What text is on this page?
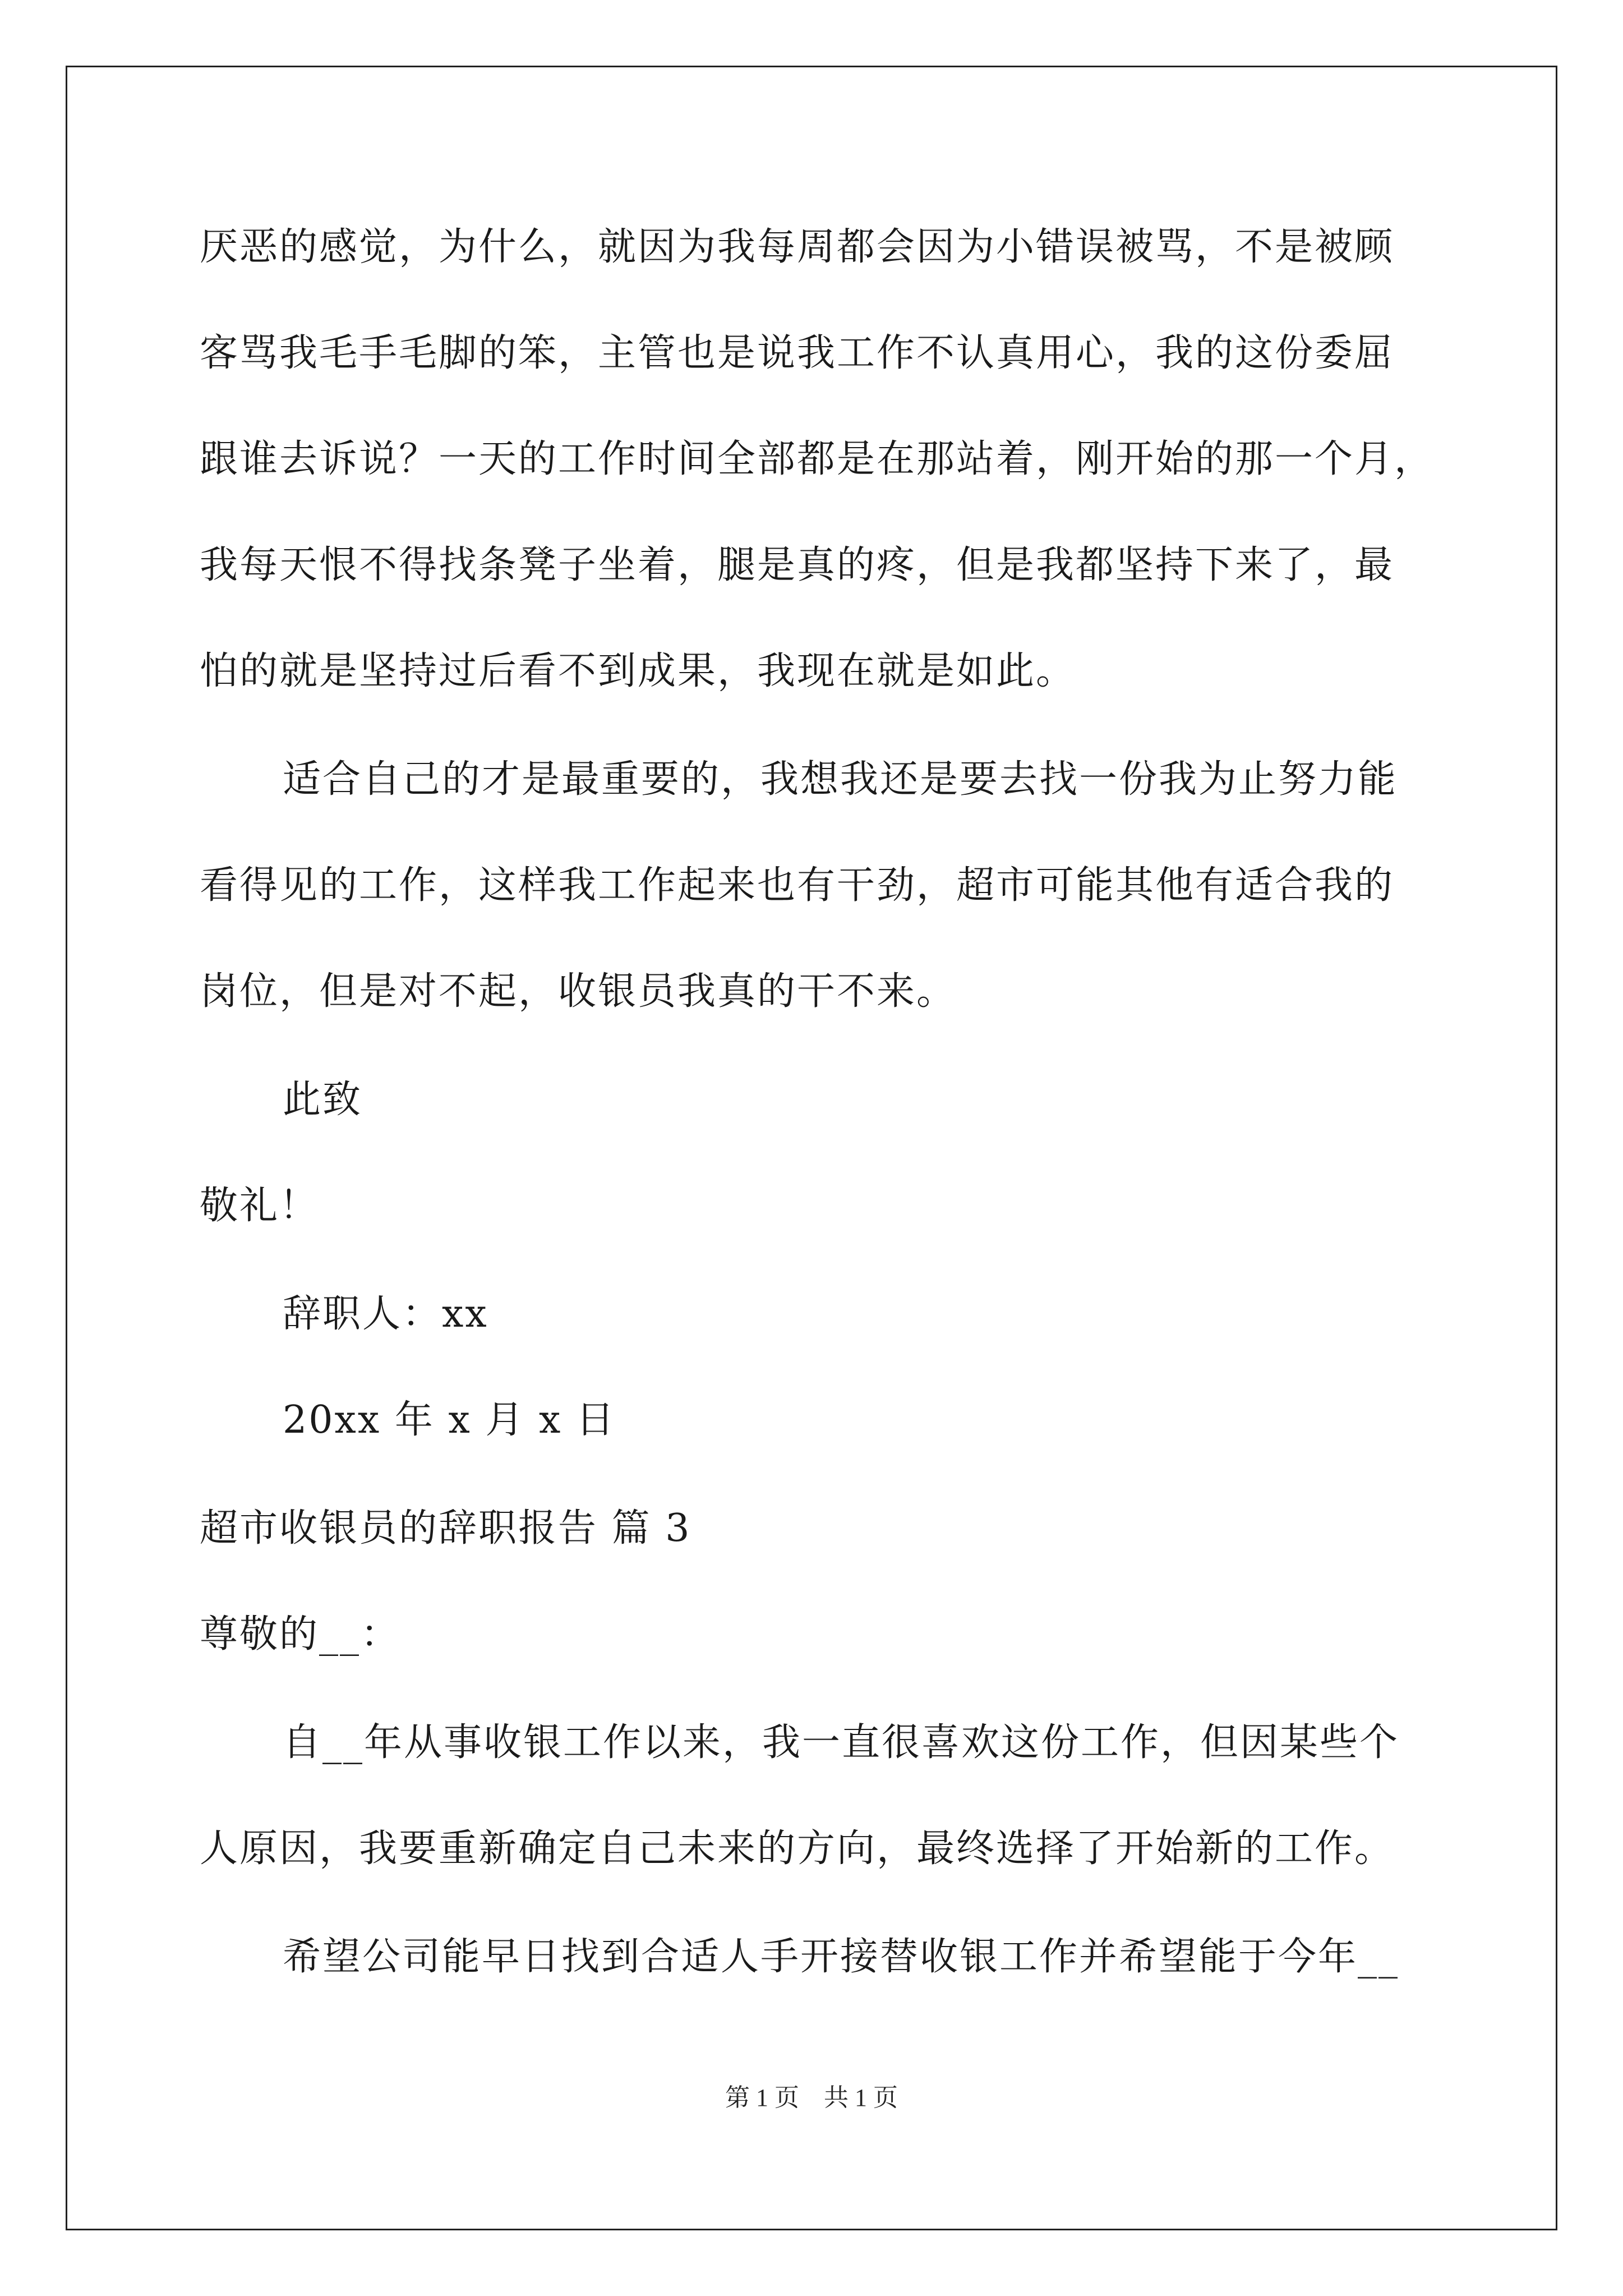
厌恶的感觉，为什么，就因为我每周都会因为小错误被骂，不是被顾
客骂我毛手毛脚的笨，主管也是说我工作不认真用心，我的这份委屈
跟谁去诉说？一天的工作时间全部都是在那站着，刚开始的那一个月，
我每天恨不得找条凳子坐着，腿是真的疼，但是我都坚持下来了，最
怕的就是坚持过后看不到成果，我现在就是如此。
适合自己的才是最重要的，我想我还是要去找一份我为止努力能
看得见的工作，这样我工作起来也有干劲，超市可能其他有适合我的
岗位，但是对不起，收银员我真的干不来。
此致
敬礼！
辞职人：xx
20xx 年 x 月 x 日
超市收银员的辞职报告 篇 3
尊敬的__：
自__年从事收银工作以来，我一直很喜欢这份工作，但因某些个
人原因，我要重新确定自己未来的方向，最终选择了开始新的工作。
希望公司能早日找到合适人手开接替收银工作并希望能于今年__
第 1 页　共 1 页
